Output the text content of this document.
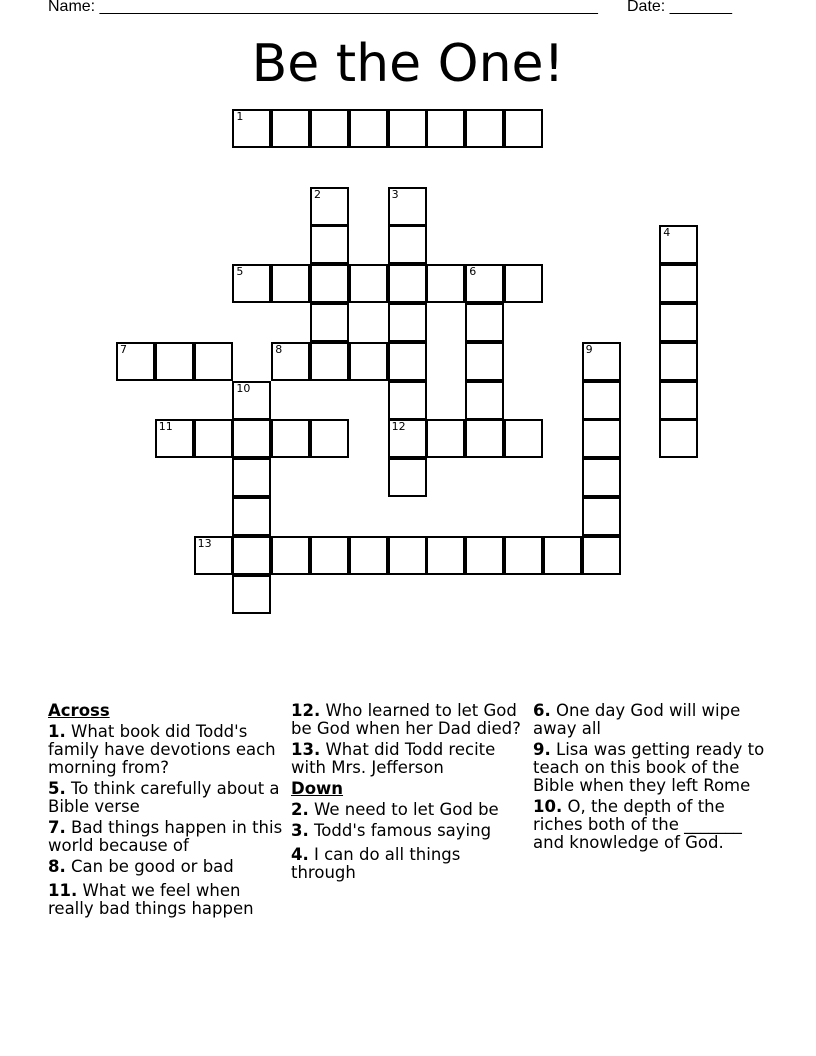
Name: ________________________________________________________ Date: _______
Be the One!
1
2	3
12
4
5	6
7	8	9
10
11
13
Across
1. What book did Todd's family have devotions each morning from?
5. To think carefully about a Bible verse
7. Bad things happen in this world because of
8. Can be good or bad
11. What we feel when really bad things happen
12. Who learned to let God be God when her Dad died?
13. What did Todd recite with Mrs. Jefferson
Down
2. We need to let God be
3. Todd's famous saying
4. I can do all things through
6. One day God will wipe away all
9. Lisa was getting ready to teach on this book of the Bible when they left Rome
10. O, the depth of the riches both of the _______ and knowledge of God.
